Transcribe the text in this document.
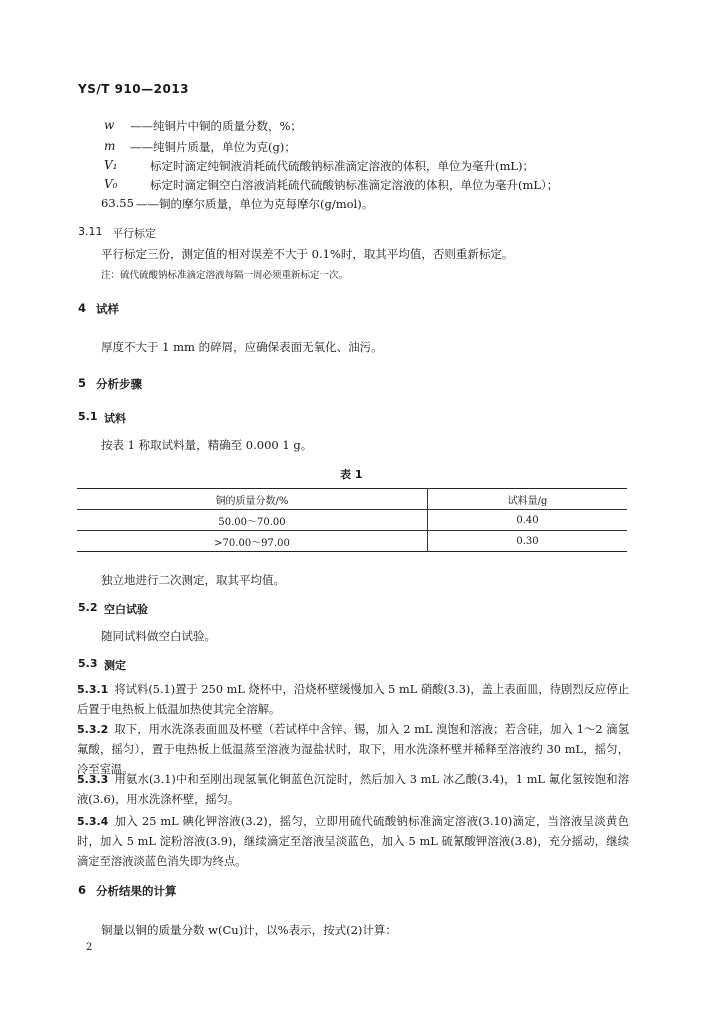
YS/T 910—2013
w ——纯铜片中铜的质量分数，%；
m ——纯铜片质量，单位为克(g)；
V₁	标定时滴定纯铜液消耗硫代硫酸钠标准滴定溶液的体积，单位为毫升(mL)；
V₀	标定时滴定铜空白溶液消耗硫代硫酸钠标准滴定溶液的体积，单位为毫升(mL）；
63.55 ——铜的摩尔质量，单位为克每摩尔(g/mol)。
3.11 平行标定
平行标定三份，测定值的相对误差不大于 0.1%时，取其平均值，否则重新标定。
注：硫代硫酸钠标准滴定溶液每隔一周必须重新标定一次。
4 试样
厚度不大于 1 mm 的碎屑，应确保表面无氧化、油污。
5 分析步骤
5.1 试料
按表 1 称取试料量，精确至 0.000 1 g。
表 1
铜的质量分数/%	试料量/g
50.00～70.00	0.40
>70.00～97.00	0.30
独立地进行二次测定，取其平均值。
5.2 空白试验
随同试料做空白试验。
5.3 测定
5.3.1 将试料(5.1)置于 250 mL 烧杯中，沿烧杯壁缓慢加入 5 mL 硝酸(3.3)，盖上表面皿，待剧烈反应停止后置于电热板上低温加热使其完全溶解。
5.3.2 取下，用水洗涤表面皿及杯壁（若试样中含锌、锡，加入 2 mL 溴饱和溶液；若含硅，加入 1～2 滴氢氟酸，摇匀），置于电热板上低温蒸至溶液为湿盐状时，取下，用水洗涤杯壁并稀释至溶液约 30 mL，摇匀，冷至室温。
5.3.3 用氨水(3.1)中和至刚出现氢氧化铜蓝色沉淀时，然后加入 3 mL 冰乙酸(3.4)，1 mL 氟化氢铵饱和溶液(3.6)，用水洗涤杯壁，摇匀。
5.3.4 加入 25 mL 碘化钾溶液(3.2)，摇匀，立即用硫代硫酸钠标准滴定溶液(3.10)滴定，当溶液呈淡黄色时，加入 5 mL 淀粉溶液(3.9)，继续滴定至溶液呈淡蓝色，加入 5 mL 硫氰酸钾溶液(3.8)，充分摇动，继续滴定至溶液淡蓝色消失即为终点。
6 分析结果的计算
铜量以铜的质量分数 w(Cu)计，以%表示，按式(2)计算：
2
